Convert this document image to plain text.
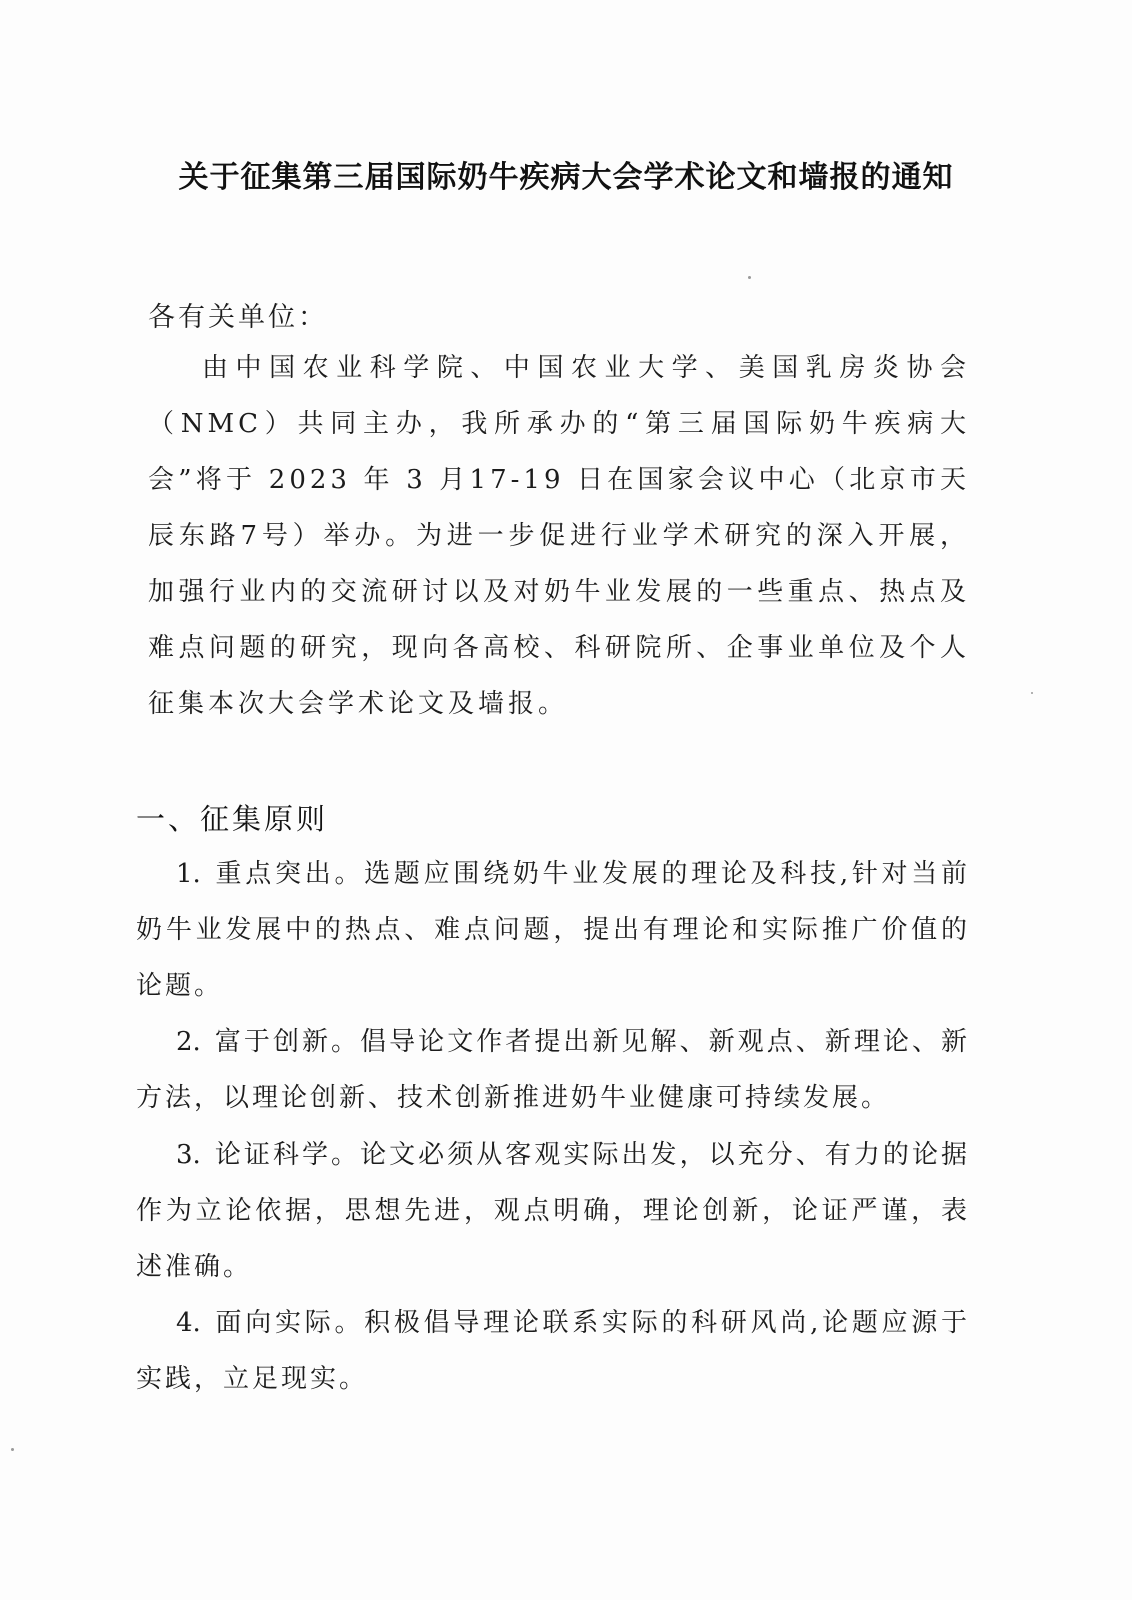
关于征集第三届国际奶牛疾病大会学术论文和墙报的通知
各有关单位：
由中国农业科学院、中国农业大学、美国乳房炎协会（NMC）共同主办，我所承办的“第三届国际奶牛疾病大会”将于 2023 年 3 月17-19 日在国家会议中心（北京市天辰东路7号）举办。为进一步促进行业学术研究的深入开展，加强行业内的交流研讨以及对奶牛业发展的一些重点、热点及难点问题的研究，现向各高校、科研院所、企事业单位及个人征集本次大会学术论文及墙报。
一、征集原则
1. 重点突出。选题应围绕奶牛业发展的理论及科技,针对当前奶牛业发展中的热点、难点问题，提出有理论和实际推广价值的论题。
2. 富于创新。倡导论文作者提出新见解、新观点、新理论、新方法，以理论创新、技术创新推进奶牛业健康可持续发展。
3. 论证科学。论文必须从客观实际出发，以充分、有力的论据作为立论依据，思想先进，观点明确，理论创新，论证严谨，表述准确。
4. 面向实际。积极倡导理论联系实际的科研风尚,论题应源于实践，立足现实。
